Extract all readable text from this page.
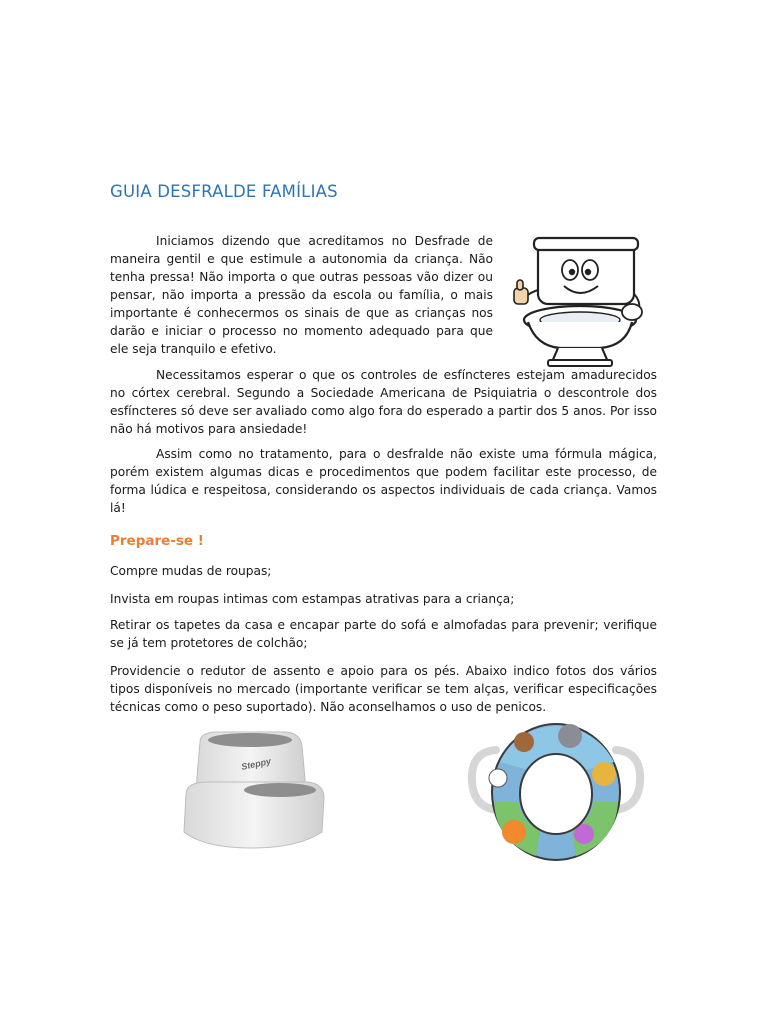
GUIA DESFRALDE FAMÍLIAS

Iniciamos dizendo que acreditamos no Desfrade de maneira gentil e que estimule a autonomia da criança. Não tenha pressa! Não importa o que outras pessoas vão dizer ou pensar, não importa a pressão da escola ou família, o mais importante é conhecermos os sinais de que as crianças nos darão e iniciar o processo no momento adequado para que ele seja tranquilo e efetivo.

Necessitamos esperar o que os controles de esfíncteres estejam amadurecidos no córtex cerebral. Segundo a Sociedade Americana de Psiquiatria o descontrole dos esfíncteres só deve ser avaliado como algo fora do esperado a partir dos 5 anos. Por isso não há motivos para ansiedade!

Assim como no tratamento, para o desfralde não existe uma fórmula mágica, porém existem algumas dicas e procedimentos que podem facilitar este processo, de forma lúdica e respeitosa, considerando os aspectos individuais de cada criança. Vamos lá!

Prepare-se !

Compre mudas de roupas;

Invista em roupas intimas com estampas atrativas para a criança;

Retirar os tapetes da casa e encapar parte do sofá e almofadas para prevenir; verifique se já tem protetores de colchão;

Providencie o redutor de assento e apoio para os pés. Abaixo indico fotos dos vários tipos disponíveis no mercado (importante verificar se tem alças, verificar especificações técnicas como o peso suportado). Não aconselhamos o uso de penicos.

Steppy
